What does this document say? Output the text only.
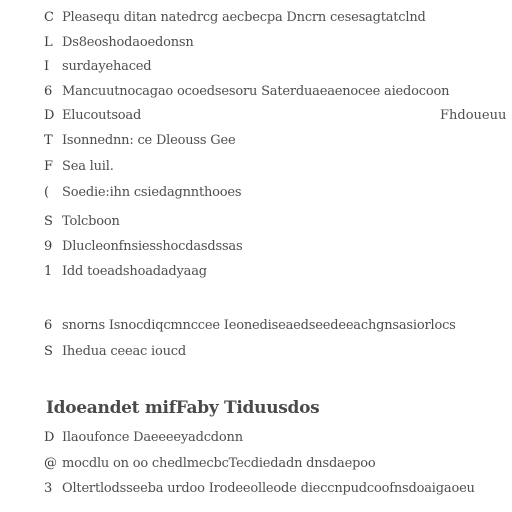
C Pleasequ ditan natedrcg aecbecpa Dncrn cesesagtatclnd
L Ds8eoshodaoedonsn
I surdayehaced
6 Mancuutnocagao ocoedsesoru Saterduaeaenocee aiedocoon
D Elucoutsoad	Fhdoueuu
T Isonnednn: ce Dleouss Gee
F Sea luil.
( Soedie:ihn csiedagnnthooes
S Tolcboon
9 Dlucleonfnsiesshocdasdssas
1 Idd toeadshoadadyaag
6 snorns Isnocdiqcmnccee Ieonediseaedseedeeachgnsasiorlocs
S Ihedua ceeac ioucd
Idoeandet mifFaby Tiduusdos
D Ilaoufonce Daeeeeyadcdonn
@ mocdlu on oo chedlmecbcTecdiedadn dnsdaepoo
3 Oltertlodsseeba urdoo Irodeeolleode dieccnpudcoofnsdoaigaoeu
